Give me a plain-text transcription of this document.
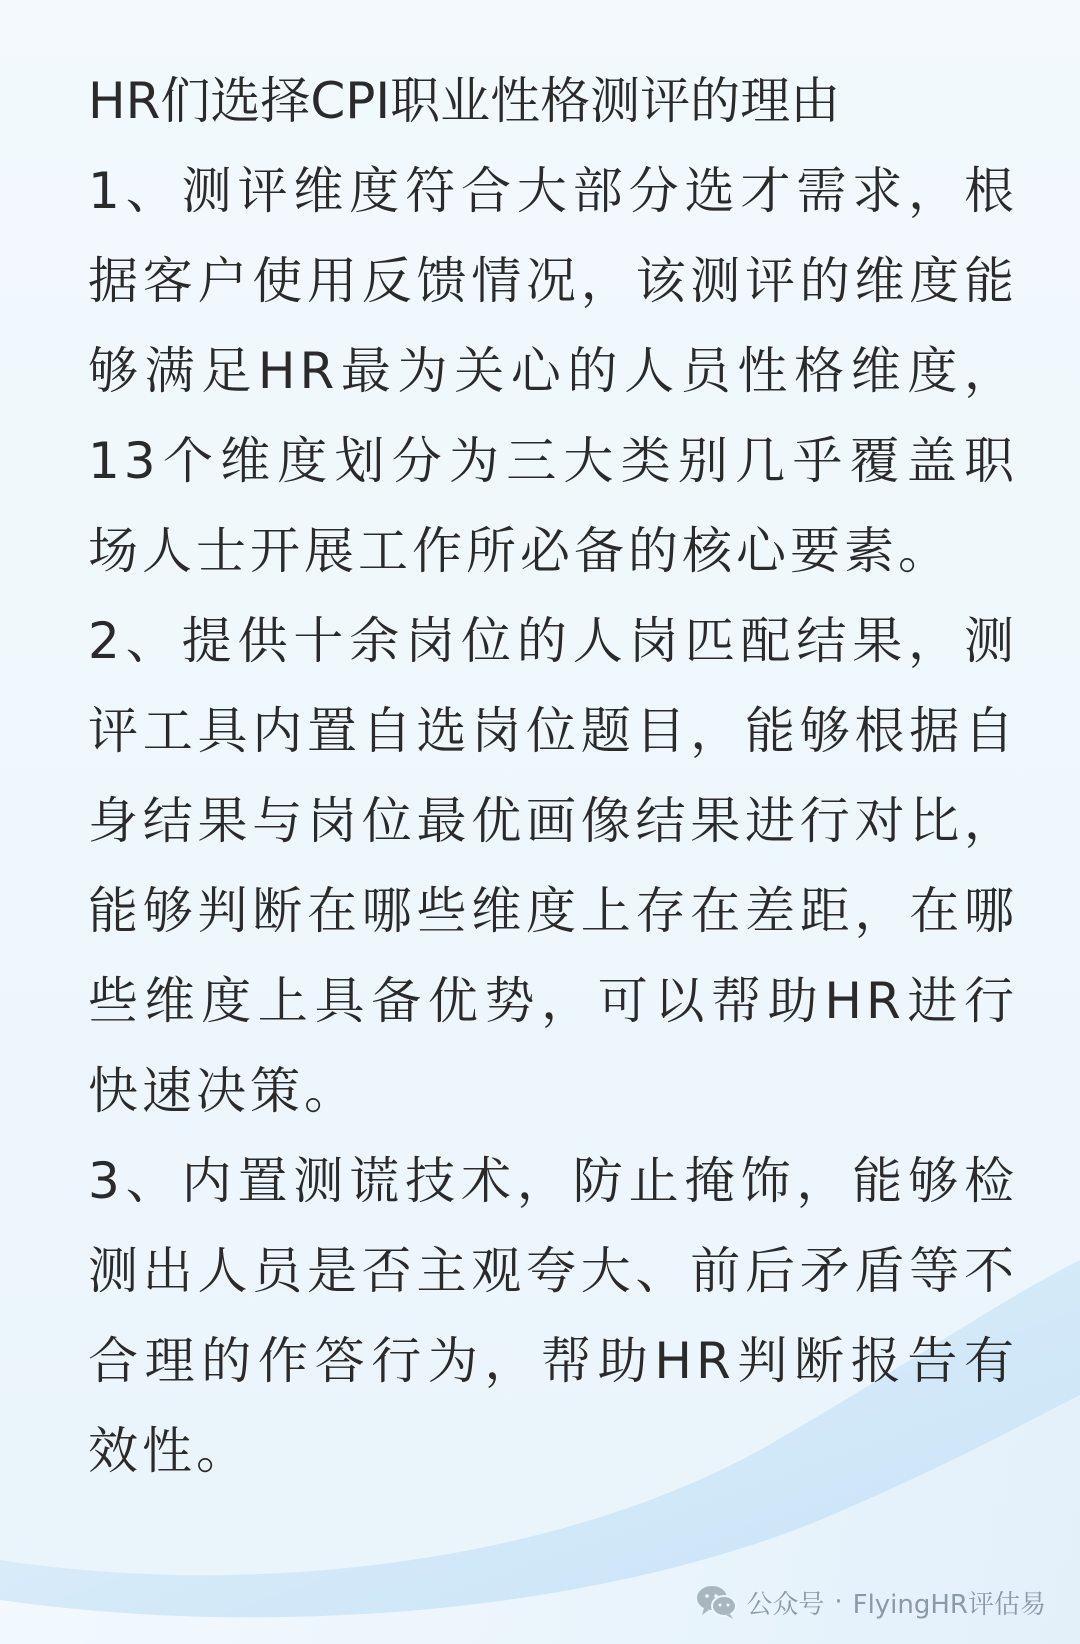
HR们选择CPI职业性格测评的理由

1、测评维度符合大部分选才需求，根据客户使用反馈情况，该测评的维度能够满足HR最为关心的人员性格维度，13个维度划分为三大类别几乎覆盖职场人士开展工作所必备的核心要素。

2、提供十余岗位的人岗匹配结果，测评工具内置自选岗位题目，能够根据自身结果与岗位最优画像结果进行对比，能够判断在哪些维度上存在差距，在哪些维度上具备优势，可以帮助HR进行快速决策。

3、内置测谎技术，防止掩饰，能够检测出人员是否主观夸大、前后矛盾等不合理的作答行为，帮助HR判断报告有效性。

公众号 · FlyingHR评估易
